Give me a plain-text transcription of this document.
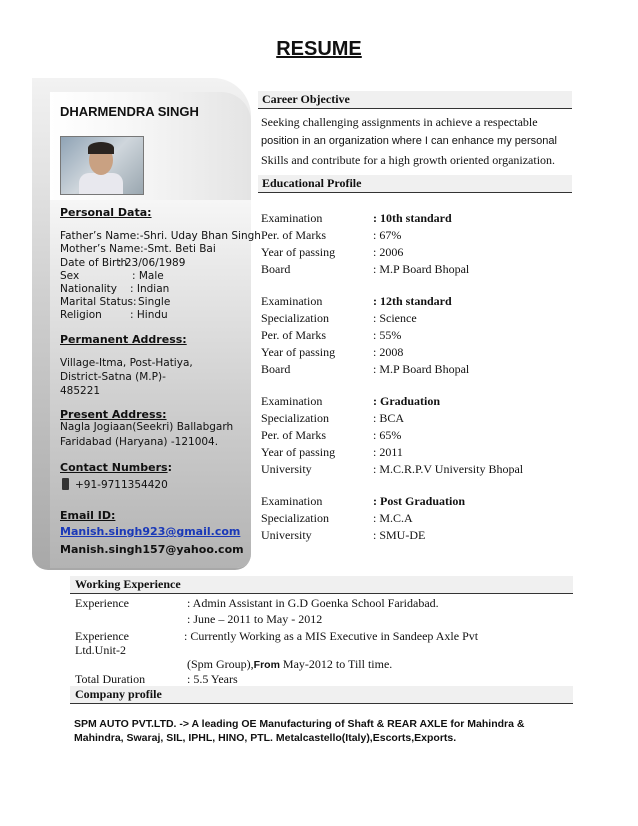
RESUME
DHARMENDRA SINGH
Personal Data:
Father’s Name:-Shri. Uday Bhan Singh
Mother’s Name:-Smt. Beti Bai
Date of Birth
: 23/06/1989
Sex	: Male
Nationality : Indian
Marital Status: Single
Religion	: Hindu
Permanent Address:
Village-Itma, Post-Hatiya,
District-Satna (M.P)-
485221
Present Address:
Nagla Jogiaan(Seekri) Ballabgarh
Faridabad (Haryana) -121004.
Contact Numbers:
+91-9711354420
Email ID:
Manish.singh923@gmail.com
Manish.singh157@yahoo.com
Career Objective
Seeking challenging assignments in achieve a respectable
position in an organization where I can enhance my personal
Skills and contribute for a high growth oriented organization.
Educational Profile
Examination	: 10th standard
Per. of Marks	: 67%
Year of passing	: 2006
Board	: M.P Board Bhopal
Examination	: 12th standard
Specialization	: Science
Per. of Marks	: 55%
Year of passing	: 2008
Board	: M.P Board Bhopal
Examination	: Graduation
Specialization	: BCA
Per. of Marks	: 65%
Year of passing	: 2011
University	: M.C.R.P.V University Bhopal
Examination	: Post Graduation
Specialization	: M.C.A
University	: SMU-DE
Working Experience
Experience	: Admin Assistant in G.D Goenka School Faridabad.
: June – 2011 to May - 2012
Experience	: Currently Working as a MIS Executive in Sandeep Axle Pvt
Ltd.Unit-2
(Spm Group),From May-2012 to Till time.
Total Duration	: 5.5 Years
Company profile
SPM AUTO PVT.LTD. -> A leading OE Manufacturing of Shaft & REAR AXLE for Mahindra &
Mahindra, Swaraj, SIL, IPHL, HINO, PTL. Metalcastello(Italy),Escorts,Exports.
